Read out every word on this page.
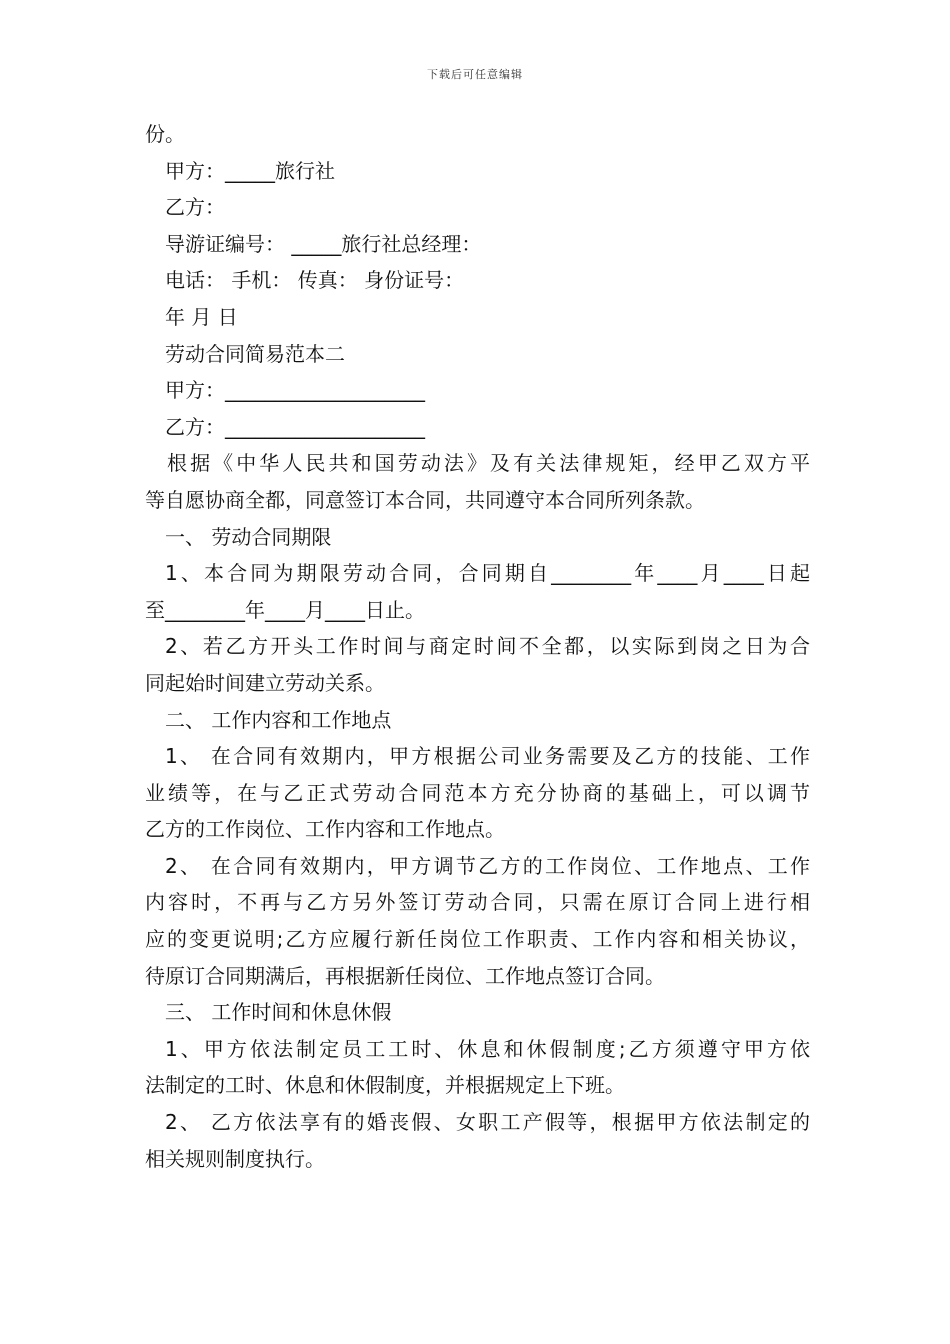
下载后可任意编辑
份。
甲方：_____旅行社
乙方：
导游证编号： _____旅行社总经理：
电话： 手机： 传真： 身份证号：
年 月 日
劳动合同简易范本二
甲方：____________________
乙方：____________________
根据《中华人民共和国劳动法》及有关法律规矩，经甲乙双方平
等自愿协商全都，同意签订本合同，共同遵守本合同所列条款。
一、 劳动合同期限
1、本合同为期限劳动合同，合同期自________年____月____日起
至________年____月____日止。
2、若乙方开头工作时间与商定时间不全都，以实际到岗之日为合
同起始时间建立劳动关系。
二、 工作内容和工作地点
1、 在合同有效期内，甲方根据公司业务需要及乙方的技能、工作
业绩等，在与乙正式劳动合同范本方充分协商的基础上，可以调节
乙方的工作岗位、工作内容和工作地点。
2、 在合同有效期内，甲方调节乙方的工作岗位、工作地点、工作
内容时，不再与乙方另外签订劳动合同，只需在原订合同上进行相
应的变更说明;乙方应履行新任岗位工作职责、工作内容和相关协议，
待原订合同期满后，再根据新任岗位、工作地点签订合同。
三、 工作时间和休息休假
1、甲方依法制定员工工时、休息和休假制度;乙方须遵守甲方依
法制定的工时、休息和休假制度，并根据规定上下班。
2、 乙方依法享有的婚丧假、女职工产假等，根据甲方依法制定的
相关规则制度执行。
